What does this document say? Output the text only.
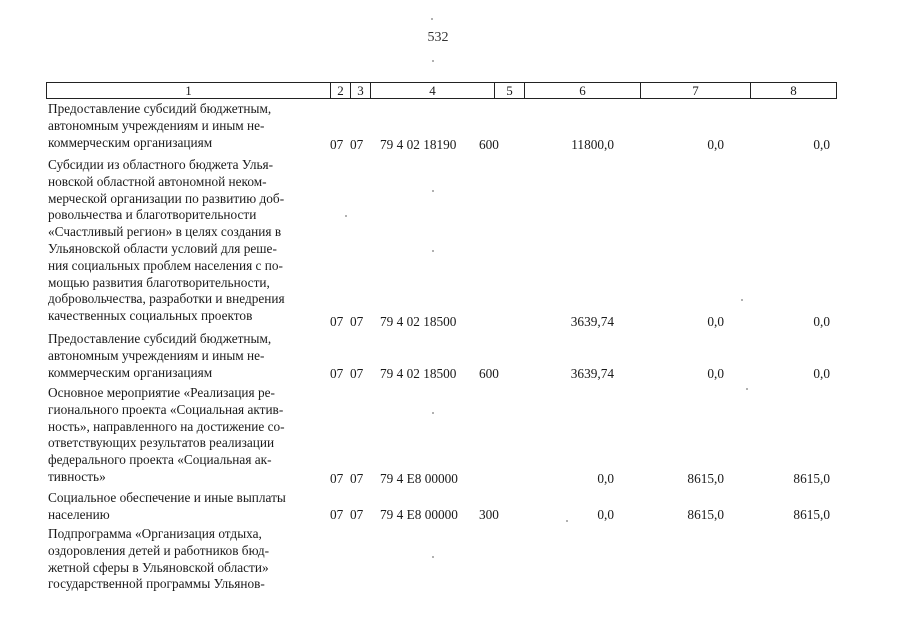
532
1	2	3	4	5	6	7	8
Предоставление субсидий бюджетным,
автономным учреждениям и иным не-
коммерческим организациям	07 07 79 4 02 18190 600	11800,0	0,0	0,0
Субсидии из областного бюджета Улья-
новской областной автономной неком-
мерческой организации по развитию доб-
ровольчества и благотворительности
«Счастливый регион» в целях создания в
Ульяновской области условий для реше-
ния социальных проблем населения с по-
мощью развития благотворительности,
добровольчества, разработки и внедрения
качественных социальных проектов	07 07 79 4 02 18500	3639,74	0,0	0,0
Предоставление субсидий бюджетным,
автономным учреждениям и иным не-
коммерческим организациям	07 07 79 4 02 18500 600	3639,74	0,0	0,0
Основное мероприятие «Реализация ре-
гионального проекта «Социальная актив-
ность», направленного на достижение со-
ответствующих результатов реализации
федерального проекта «Социальная ак-
тивность»	07 07 79 4 E8 00000	0,0	8615,0	8615,0
Социальное обеспечение и иные выплаты
населению	07 07 79 4 E8 00000 300	0,0	8615,0	8615,0
Подпрограмма «Организация отдыха,
оздоровления детей и работников бюд-
жетной сферы в Ульяновской области»
государственной программы Ульянов-
